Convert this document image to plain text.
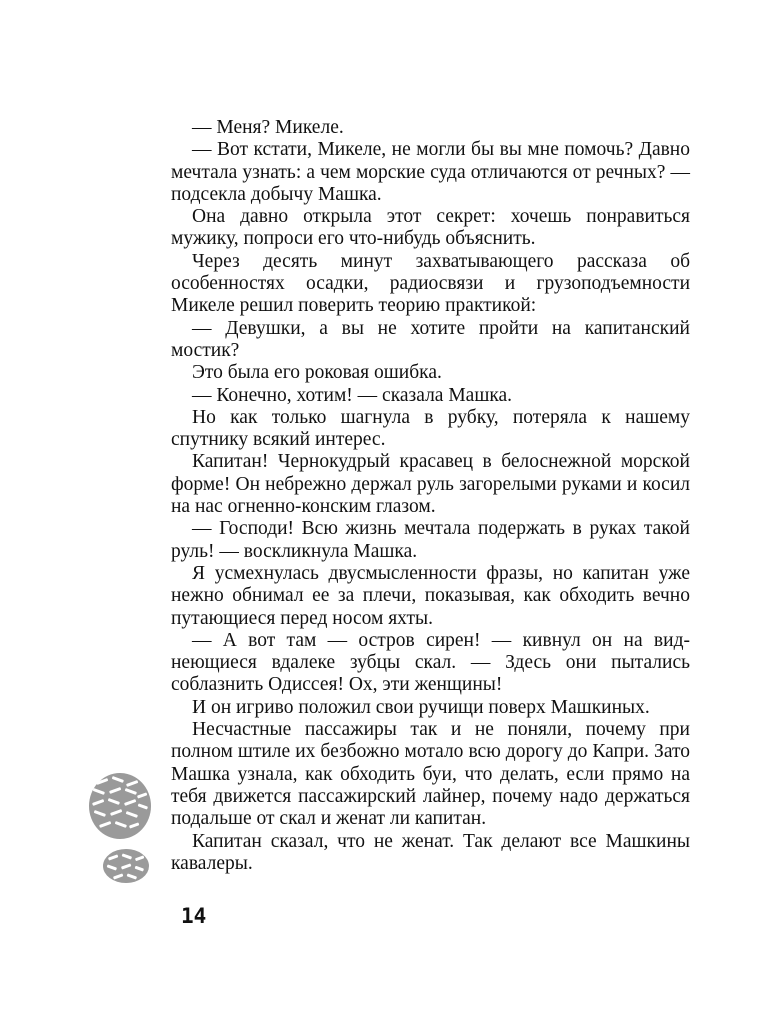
— Меня? Микеле.

— Вот кстати, Микеле, не могли бы вы мне помочь? Давно мечтала узнать: а чем морские суда отличаются от речных? — подсекла добычу Машка.

Она давно открыла этот секрет: хочешь понравиться мужику, попроси его что-нибудь объяснить.

Через десять минут захватывающего рассказа об особенностях осадки, радиосвязи и грузоподъемности Микеле решил поверить теорию практикой:

— Девушки, а вы не хотите пройти на капитанский мостик?

Это была его роковая ошибка.

— Конечно, хотим! — сказала Машка.

Но как только шагнула в рубку, потеряла к нашему спутнику всякий интерес.

Капитан! Чернокудрый красавец в белоснежной морской форме! Он небрежно держал руль загорелыми руками и косил на нас огненно-конским глазом.

— Господи! Всю жизнь мечтала подержать в руках такой руль! — воскликнула Машка.

Я усмехнулась двусмысленности фразы, но капитан уже нежно обнимал ее за плечи, показывая, как обходить вечно путающиеся перед носом яхты.

— А вот там — остров сирен! — кивнул он на виднеющиеся вдалеке зубцы скал. — Здесь они пытались соблазнить Одиссея! Ох, эти женщины!

И он игриво положил свои ручищи поверх Машкиных.

Несчастные пассажиры так и не поняли, почему при полном штиле их безбожно мотало всю дорогу до Капри. Зато Машка узнала, как обходить буи, что делать, если прямо на тебя движется пассажирский лайнер, почему надо держаться подальше от скал и женат ли капитан.

Капитан сказал, что не женат. Так делают все Машкины кавалеры.

14
